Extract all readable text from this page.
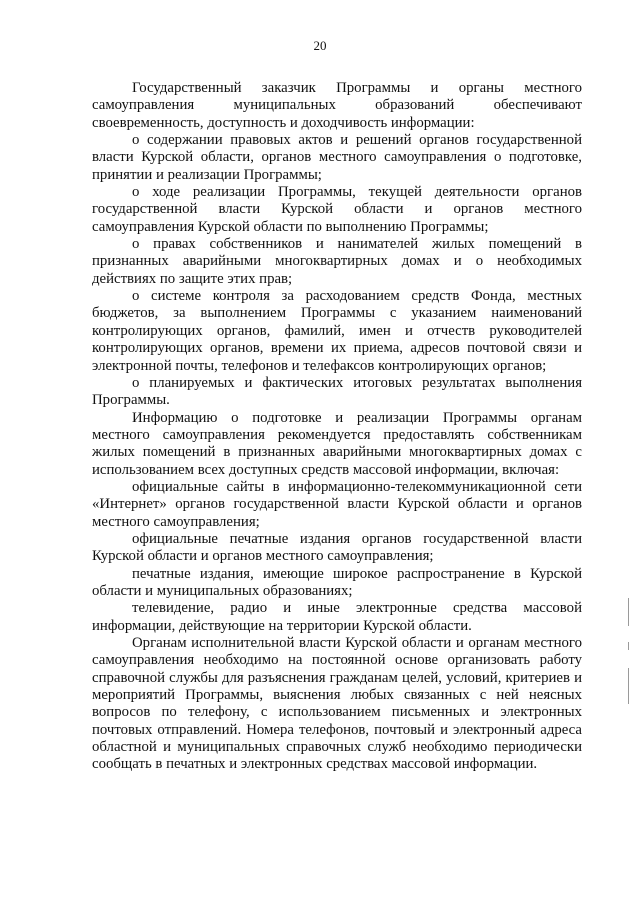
20

Государственный заказчик Программы и органы местного самоуправления муниципальных образований обеспечивают своевременность, доступность и доходчивость информации:

о содержании правовых актов и решений органов государственной власти Курской области, органов местного самоуправления о подготовке, принятии и реализации Программы;

о ходе реализации Программы, текущей деятельности органов государственной власти Курской области и органов местного самоуправления Курской области по выполнению Программы;

о правах собственников и нанимателей жилых помещений в признанных аварийными многоквартирных домах и о необходимых действиях по защите этих прав;

о системе контроля за расходованием средств Фонда, местных бюджетов, за выполнением Программы с указанием наименований контролирующих органов, фамилий, имен и отчеств руководителей контролирующих органов, времени их приема, адресов почтовой связи и электронной почты, телефонов и телефаксов контролирующих органов;

о планируемых и фактических итоговых результатах выполнения Программы.

Информацию о подготовке и реализации Программы органам местного самоуправления рекомендуется предоставлять собственникам жилых помещений в признанных аварийными многоквартирных домах с использованием всех доступных средств массовой информации, включая:

официальные сайты в информационно-телекоммуникационной сети «Интернет» органов государственной власти Курской области и органов местного самоуправления;

официальные печатные издания органов государственной власти Курской области и органов местного самоуправления;

печатные издания, имеющие широкое распространение в Курской области и муниципальных образованиях;

телевидение, радио и иные электронные средства массовой информации, действующие на территории Курской области.

Органам исполнительной власти Курской области и органам местного самоуправления необходимо на постоянной основе организовать работу справочной службы для разъяснения гражданам целей, условий, критериев и мероприятий Программы, выяснения любых связанных с ней неясных вопросов по телефону, с использованием письменных и электронных почтовых отправлений. Номера телефонов, почтовый и электронный адреса областной и муниципальных справочных служб необходимо периодически сообщать в печатных и электронных средствах массовой информации.
